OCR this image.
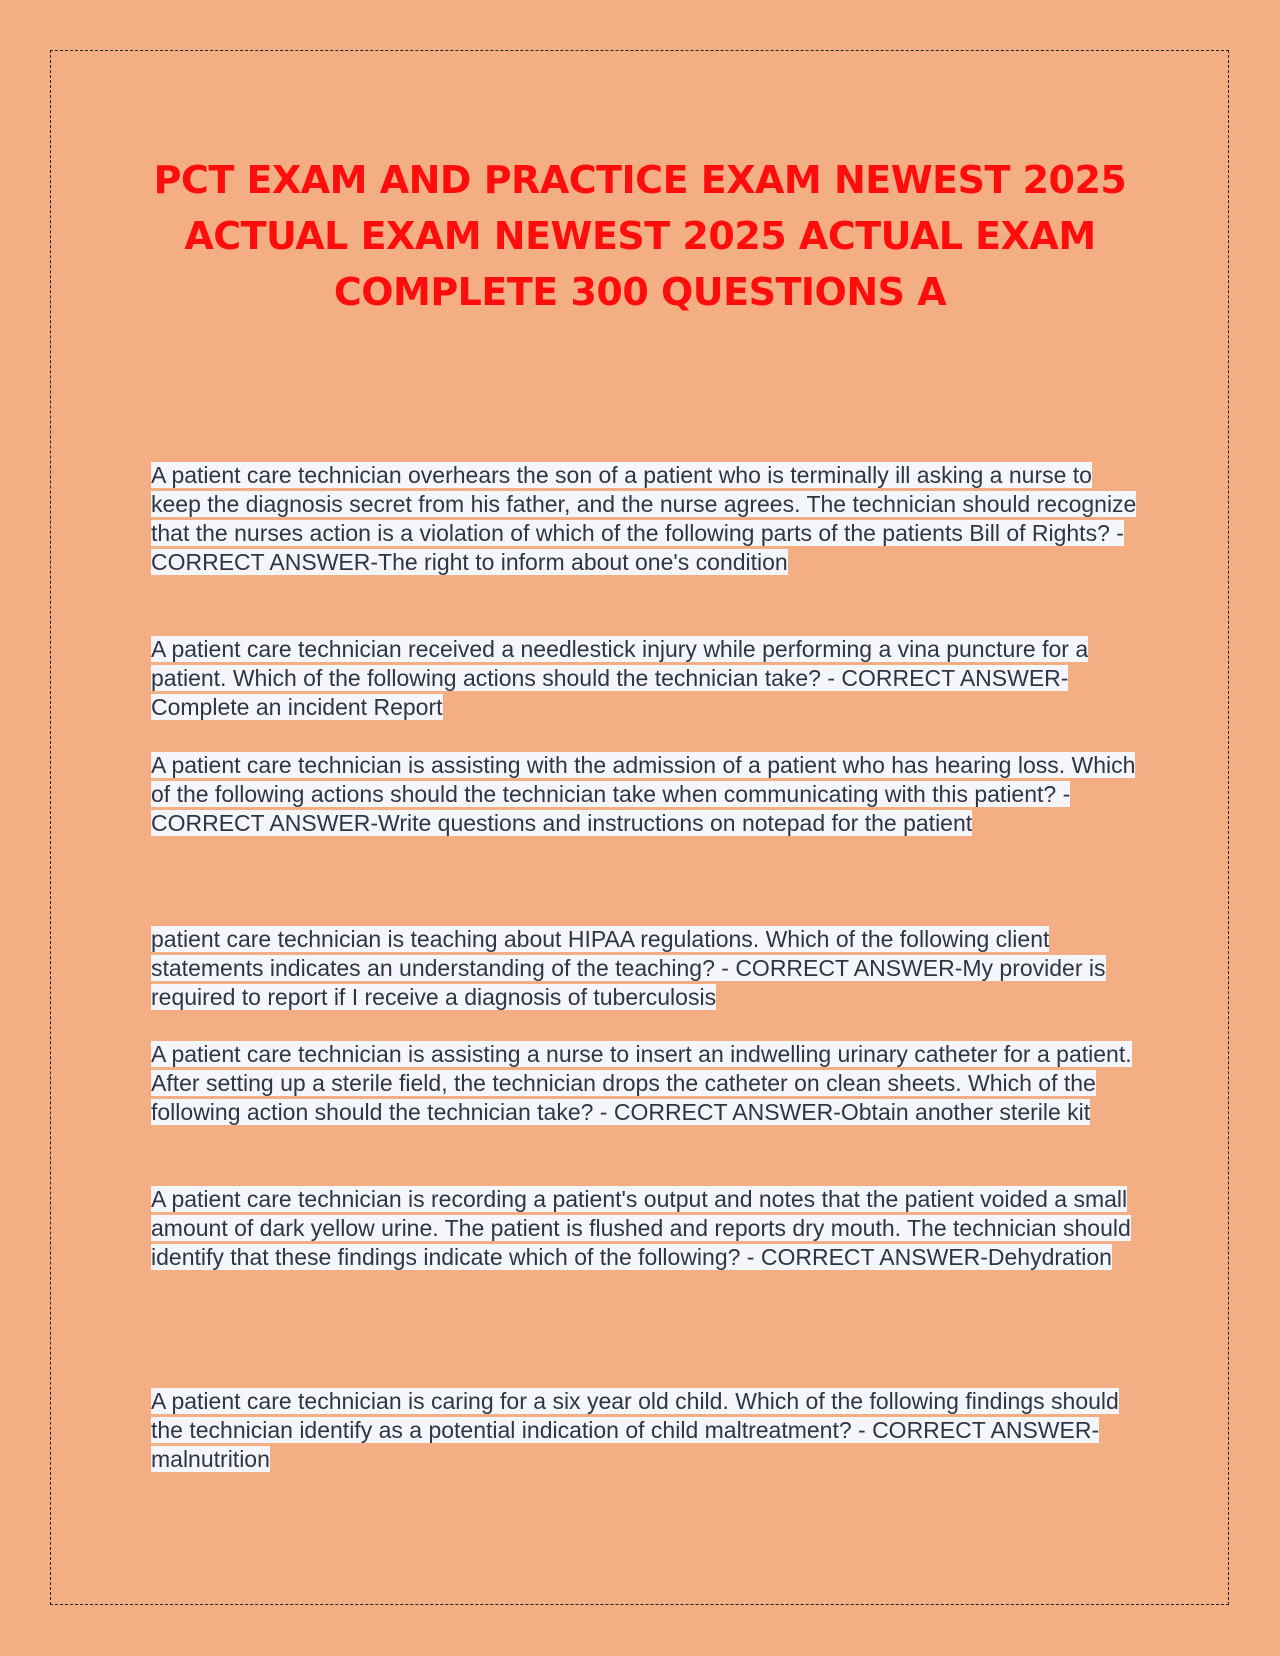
PCT EXAM AND PRACTICE EXAM NEWEST 2025 ACTUAL EXAM NEWEST 2025 ACTUAL EXAM COMPLETE 300 QUESTIONS A

A patient care technician overhears the son of a patient who is terminally ill asking a nurse to keep the diagnosis secret from his father, and the nurse agrees. The technician should recognize that the nurses action is a violation of which of the following parts of the patients Bill of Rights? - CORRECT ANSWER-The right to inform about one's condition

A patient care technician received a needlestick injury while performing a vina puncture for a patient. Which of the following actions should the technician take? - CORRECT ANSWER-Complete an incident Report

A patient care technician is assisting with the admission of a patient who has hearing loss. Which of the following actions should the technician take when communicating with this patient? - CORRECT ANSWER-Write questions and instructions on notepad for the patient

patient care technician is teaching about HIPAA regulations. Which of the following client statements indicates an understanding of the teaching? - CORRECT ANSWER-My provider is required to report if I receive a diagnosis of tuberculosis

A patient care technician is assisting a nurse to insert an indwelling urinary catheter for a patient. After setting up a sterile field, the technician drops the catheter on clean sheets. Which of the following action should the technician take? - CORRECT ANSWER-Obtain another sterile kit

A patient care technician is recording a patient's output and notes that the patient voided a small amount of dark yellow urine. The patient is flushed and reports dry mouth. The technician should identify that these findings indicate which of the following? - CORRECT ANSWER-Dehydration

A patient care technician is caring for a six year old child. Which of the following findings should the technician identify as a potential indication of child maltreatment? - CORRECT ANSWER-malnutrition
